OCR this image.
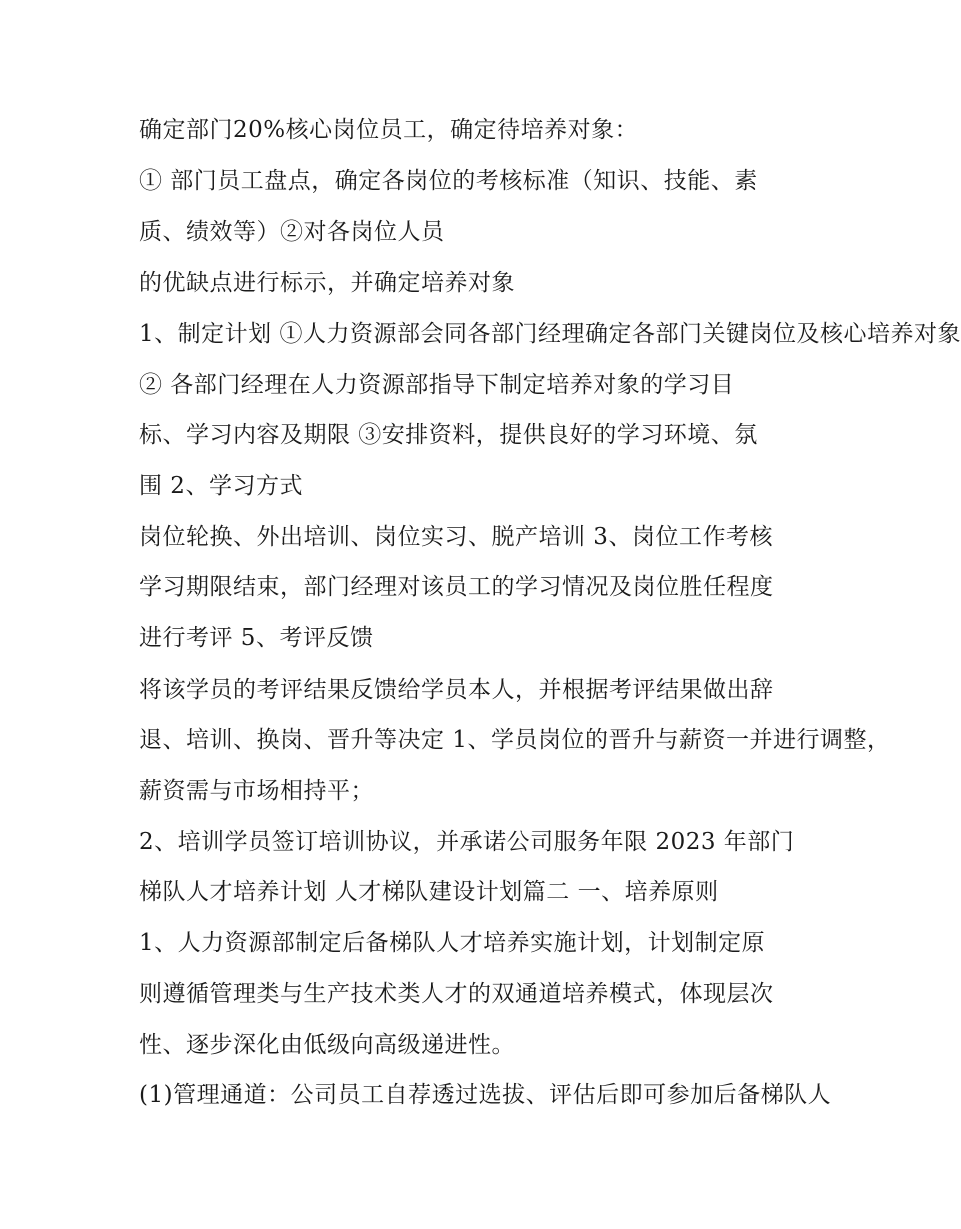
确定部门20%核心岗位员工，确定待培养对象：
① 部门员工盘点，确定各岗位的考核标准（知识、技能、素
质、绩效等）②对各岗位人员
的优缺点进行标示，并确定培养对象
1、制定计划 ①人力资源部会同各部门经理确定各部门关键岗位及核心培养对象
② 各部门经理在人力资源部指导下制定培养对象的学习目
标、学习内容及期限 ③安排资料，提供良好的学习环境、氛
围 2、学习方式
岗位轮换、外出培训、岗位实习、脱产培训 3、岗位工作考核
学习期限结束，部门经理对该员工的学习情况及岗位胜任程度
进行考评 5、考评反馈
将该学员的考评结果反馈给学员本人，并根据考评结果做出辞
退、培训、换岗、晋升等决定 1、学员岗位的晋升与薪资一并进行调整，
薪资需与市场相持平；
2、培训学员签订培训协议，并承诺公司服务年限 2023 年部门
梯队人才培养计划 人才梯队建设计划篇二 一、培养原则
1、人力资源部制定后备梯队人才培养实施计划，计划制定原
则遵循管理类与生产技术类人才的双通道培养模式，体现层次
性、逐步深化由低级向高级递进性。
(1)管理通道：公司员工自荐透过选拔、评估后即可参加后备梯队人
